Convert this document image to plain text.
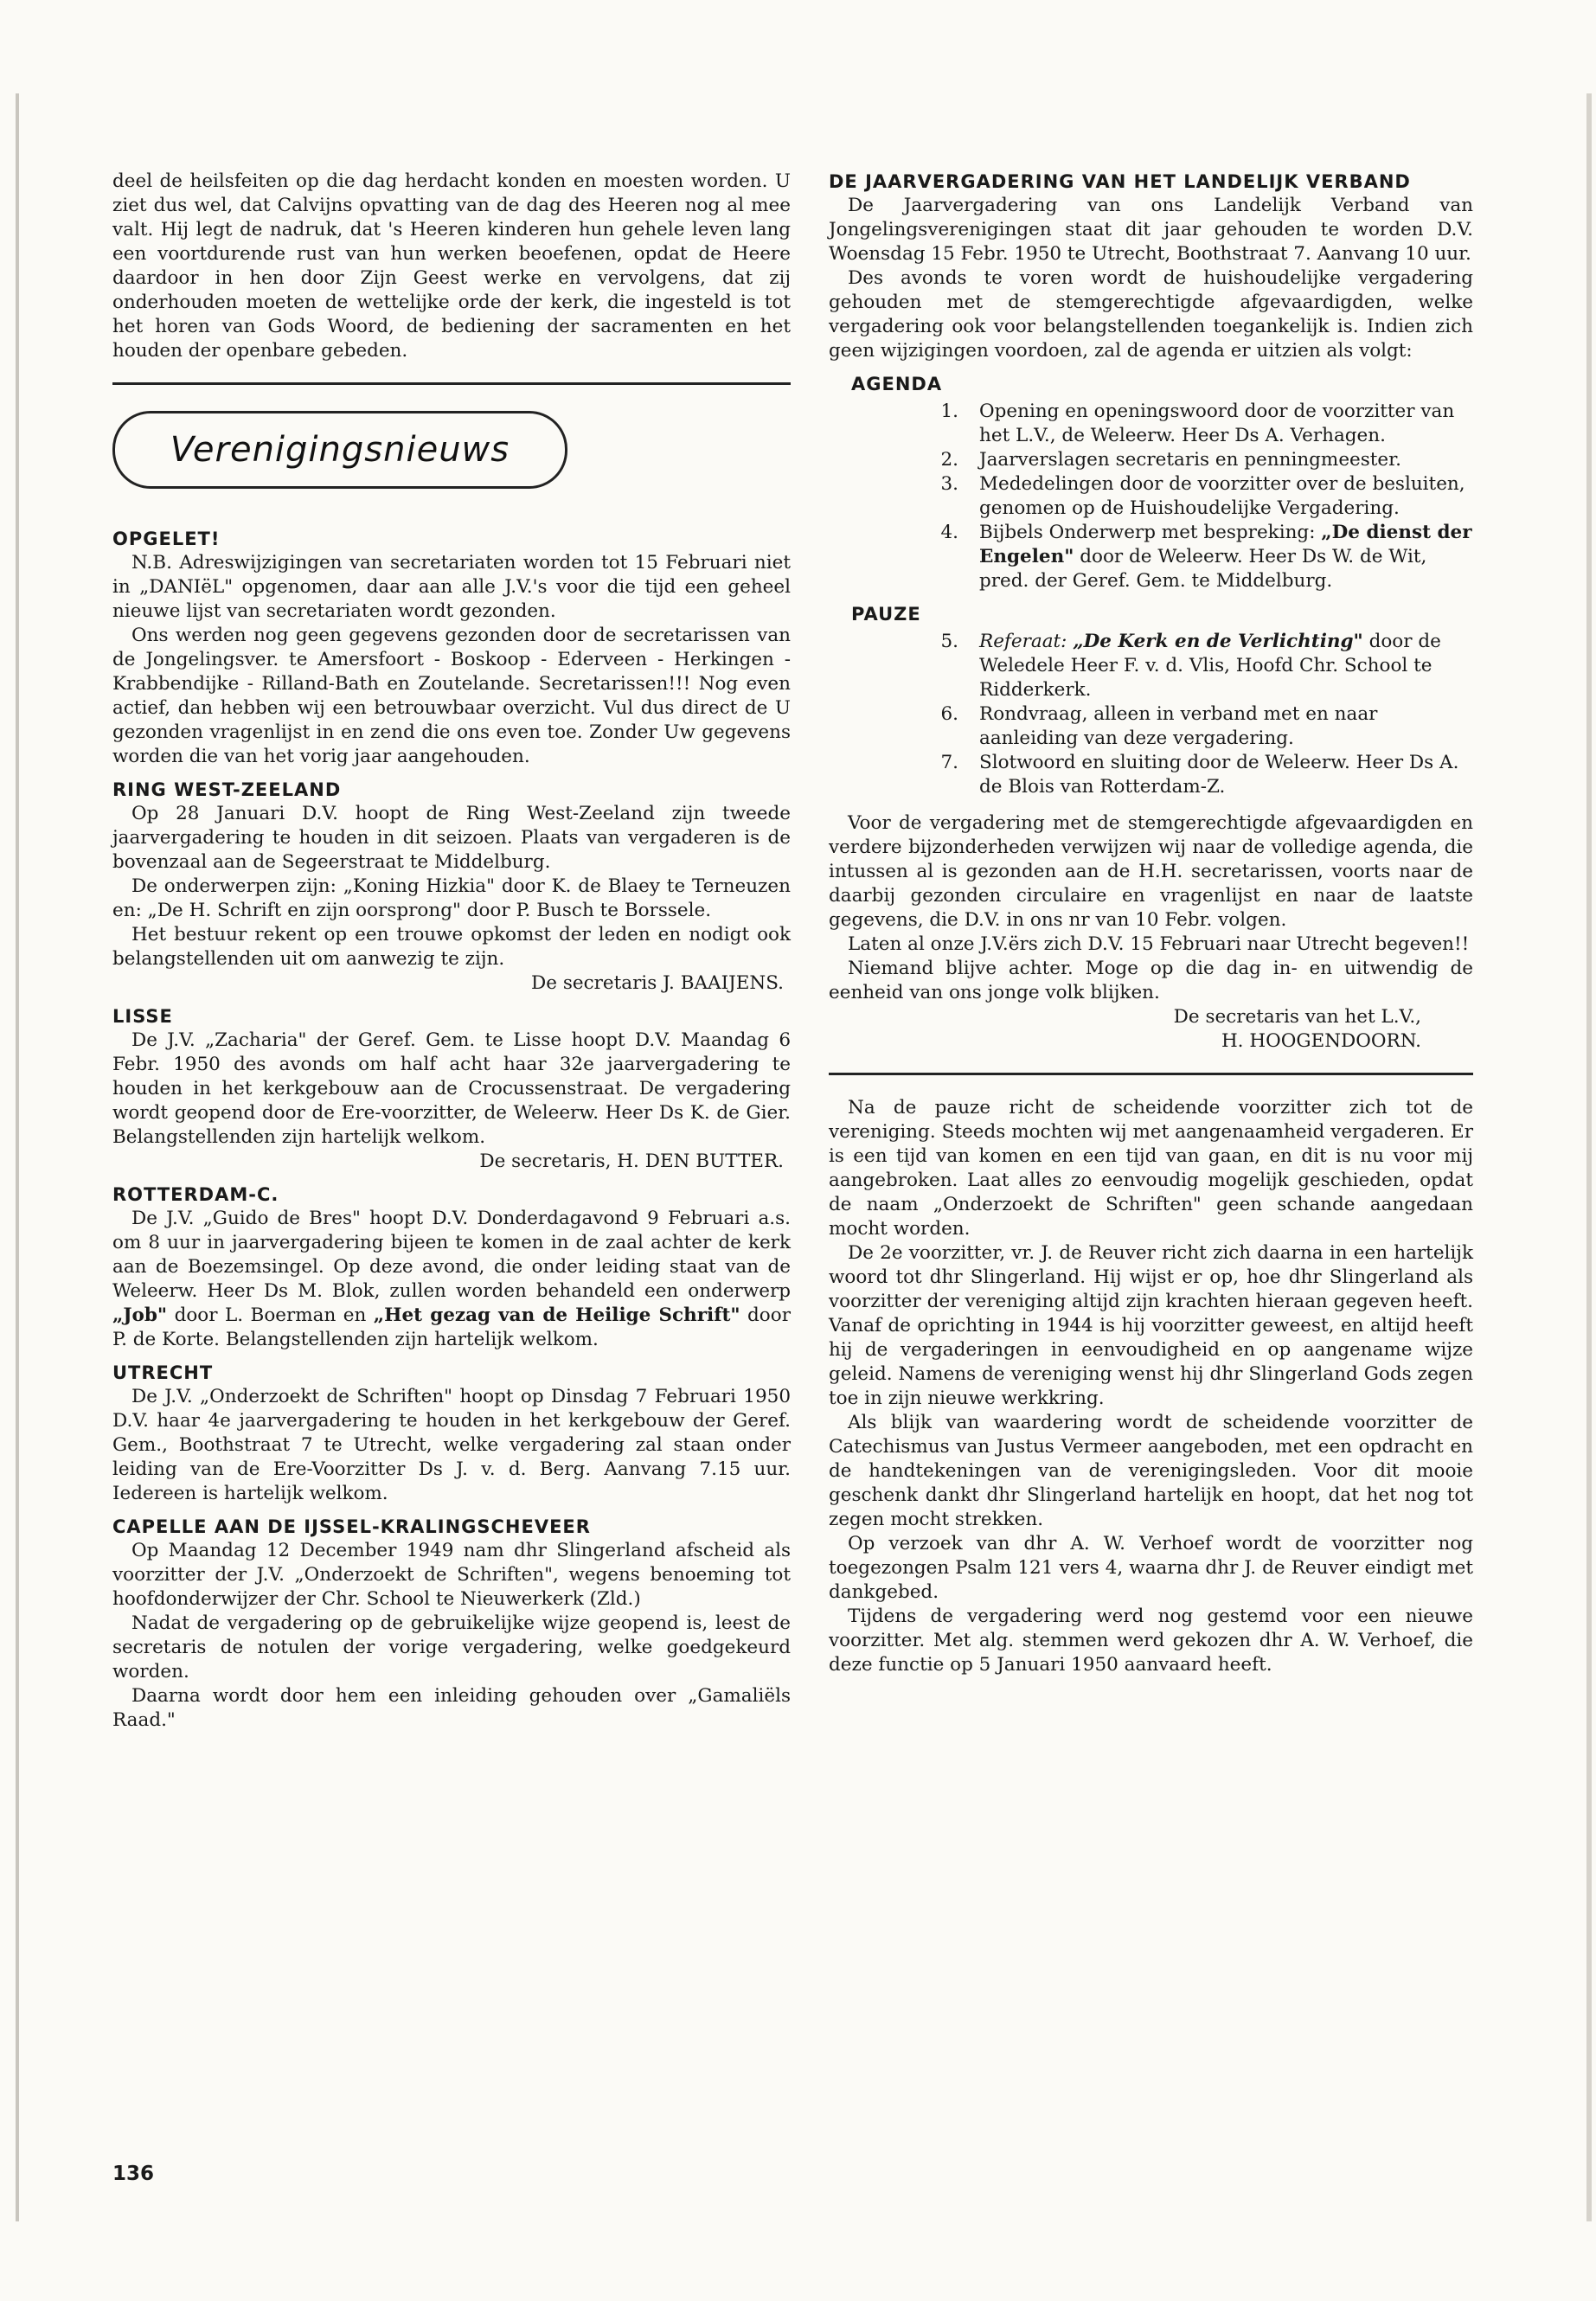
deel de heilsfeiten op die dag herdacht konden en moesten worden. U ziet dus wel, dat Calvijns opvatting van de dag des Heeren nog al mee valt. Hij legt de nadruk, dat 's Heeren kinderen hun gehele leven lang een voortdurende rust van hun werken beoefenen, opdat de Heere daardoor in hen door Zijn Geest werke en vervolgens, dat zij onderhouden moeten de wettelijke orde der kerk, die ingesteld is tot het horen van Gods Woord, de bediening der sacramenten en het houden der openbare gebeden.

Verenigingsnieuws
OPGELET!

N.B. Adreswijzigingen van secretariaten worden tot 15 Februari niet in „DANIëL" opgenomen, daar aan alle J.V.'s voor die tijd een geheel nieuwe lijst van secretariaten wordt gezonden.

Ons werden nog geen gegevens gezonden door de secretarissen van de Jongelingsver. te Amersfoort - Boskoop - Ederveen - Herkingen - Krabbendijke - Rilland-Bath en Zoutelande. Secretarissen!!! Nog even actief, dan hebben wij een betrouwbaar overzicht. Vul dus direct de U gezonden vragenlijst in en zend die ons even toe. Zonder Uw gegevens worden die van het vorig jaar aangehouden.

RING WEST-ZEELAND

Op 28 Januari D.V. hoopt de Ring West-Zeeland zijn tweede jaarvergadering te houden in dit seizoen. Plaats van vergaderen is de bovenzaal aan de Segeerstraat te Middelburg.

De onderwerpen zijn: „Koning Hizkia" door K. de Blaey te Terneuzen en: „De H. Schrift en zijn oorsprong" door P. Busch te Borssele.

Het bestuur rekent op een trouwe opkomst der leden en nodigt ook belangstellenden uit om aanwezig te zijn.

De secretaris J. BAAIJENS.
LISSE

De J.V. „Zacharia" der Geref. Gem. te Lisse hoopt D.V. Maandag 6 Febr. 1950 des avonds om half acht haar 32e jaarvergadering te houden in het kerkgebouw aan de Crocussenstraat. De vergadering wordt geopend door de Ere-voorzitter, de Weleerw. Heer Ds K. de Gier. Belangstellenden zijn hartelijk welkom.

De secretaris, H. DEN BUTTER.
ROTTERDAM-C.

De J.V. „Guido de Bres" hoopt D.V. Donderdagavond 9 Februari a.s. om 8 uur in jaarvergadering bijeen te komen in de zaal achter de kerk aan de Boezemsingel. Op deze avond, die onder leiding staat van de Weleerw. Heer Ds M. Blok, zullen worden behandeld een onderwerp „Job" door L. Boerman en „Het gezag van de Heilige Schrift" door P. de Korte. Belangstellenden zijn hartelijk welkom.

UTRECHT

De J.V. „Onderzoekt de Schriften" hoopt op Dinsdag 7 Februari 1950 D.V. haar 4e jaarvergadering te houden in het kerkgebouw der Geref. Gem., Boothstraat 7 te Utrecht, welke vergadering zal staan onder leiding van de Ere-Voorzitter Ds J. v. d. Berg. Aanvang 7.15 uur. Iedereen is hartelijk welkom.

CAPELLE AAN DE IJSSEL-KRALINGSCHEVEER

Op Maandag 12 December 1949 nam dhr Slingerland afscheid als voorzitter der J.V. „Onderzoekt de Schriften", wegens benoeming tot hoofdonderwijzer der Chr. School te Nieuwerkerk (Zld.)

Nadat de vergadering op de gebruikelijke wijze geopend is, leest de secretaris de notulen der vorige vergadering, welke goedgekeurd worden.

Daarna wordt door hem een inleiding gehouden over „Gamaliëls Raad."

DE JAARVERGADERING VAN HET LANDELIJK VERBAND

De Jaarvergadering van ons Landelijk Verband van Jongelingsverenigingen staat dit jaar gehouden te worden D.V. Woensdag 15 Febr. 1950 te Utrecht, Boothstraat 7. Aanvang 10 uur.

Des avonds te voren wordt de huishoudelijke vergadering gehouden met de stemgerechtigde afgevaardigden, welke vergadering ook voor belangstellenden toegankelijk is. Indien zich geen wijzigingen voordoen, zal de agenda er uitzien als volgt:

AGENDA
1.	Opening en openingswoord door de voorzitter van het L.V., de Weleerw. Heer Ds A. Verhagen.
2.	Jaarverslagen secretaris en penningmeester.
3.	Mededelingen door de voorzitter over de besluiten, genomen op de Huishoudelijke Vergadering.
4.	Bijbels Onderwerp met bespreking: „De dienst der Engelen" door de Weleerw. Heer Ds W. de Wit, pred. der Geref. Gem. te Middelburg.
PAUZE
5.	Referaat: „De Kerk en de Verlichting" door de Weledele Heer F. v. d. Vlis, Hoofd Chr. School te Ridderkerk.
6.	Rondvraag, alleen in verband met en naar aanleiding van deze vergadering.
7.	Slotwoord en sluiting door de Weleerw. Heer Ds A. de Blois van Rotterdam-Z.

Voor de vergadering met de stemgerechtigde afgevaardigden en verdere bijzonderheden verwijzen wij naar de volledige agenda, die intussen al is gezonden aan de H.H. secretarissen, voorts naar de daarbij gezonden circulaire en vragenlijst en naar de laatste gegevens, die D.V. in ons nr van 10 Febr. volgen.

Laten al onze J.V.ërs zich D.V. 15 Februari naar Utrecht begeven!!

Niemand blijve achter. Moge op die dag in- en uitwendig de eenheid van ons jonge volk blijken.

De secretaris van het L.V.,
H. HOOGENDOORN.

Na de pauze richt de scheidende voorzitter zich tot de vereniging. Steeds mochten wij met aangenaamheid vergaderen. Er is een tijd van komen en een tijd van gaan, en dit is nu voor mij aangebroken. Laat alles zo eenvoudig mogelijk geschieden, opdat de naam „Onderzoekt de Schriften" geen schande aangedaan mocht worden.

De 2e voorzitter, vr. J. de Reuver richt zich daarna in een hartelijk woord tot dhr Slingerland. Hij wijst er op, hoe dhr Slingerland als voorzitter der vereniging altijd zijn krachten hieraan gegeven heeft. Vanaf de oprichting in 1944 is hij voorzitter geweest, en altijd heeft hij de vergaderingen in eenvoudigheid en op aangename wijze geleid. Namens de vereniging wenst hij dhr Slingerland Gods zegen toe in zijn nieuwe werkkring.

Als blijk van waardering wordt de scheidende voorzitter de Catechismus van Justus Vermeer aangeboden, met een opdracht en de handtekeningen van de verenigingsleden. Voor dit mooie geschenk dankt dhr Slingerland hartelijk en hoopt, dat het nog tot zegen mocht strekken.

Op verzoek van dhr A. W. Verhoef wordt de voorzitter nog toegezongen Psalm 121 vers 4, waarna dhr J. de Reuver eindigt met dankgebed.

Tijdens de vergadering werd nog gestemd voor een nieuwe voorzitter. Met alg. stemmen werd gekozen dhr A. W. Verhoef, die deze functie op 5 Januari 1950 aanvaard heeft.

136
